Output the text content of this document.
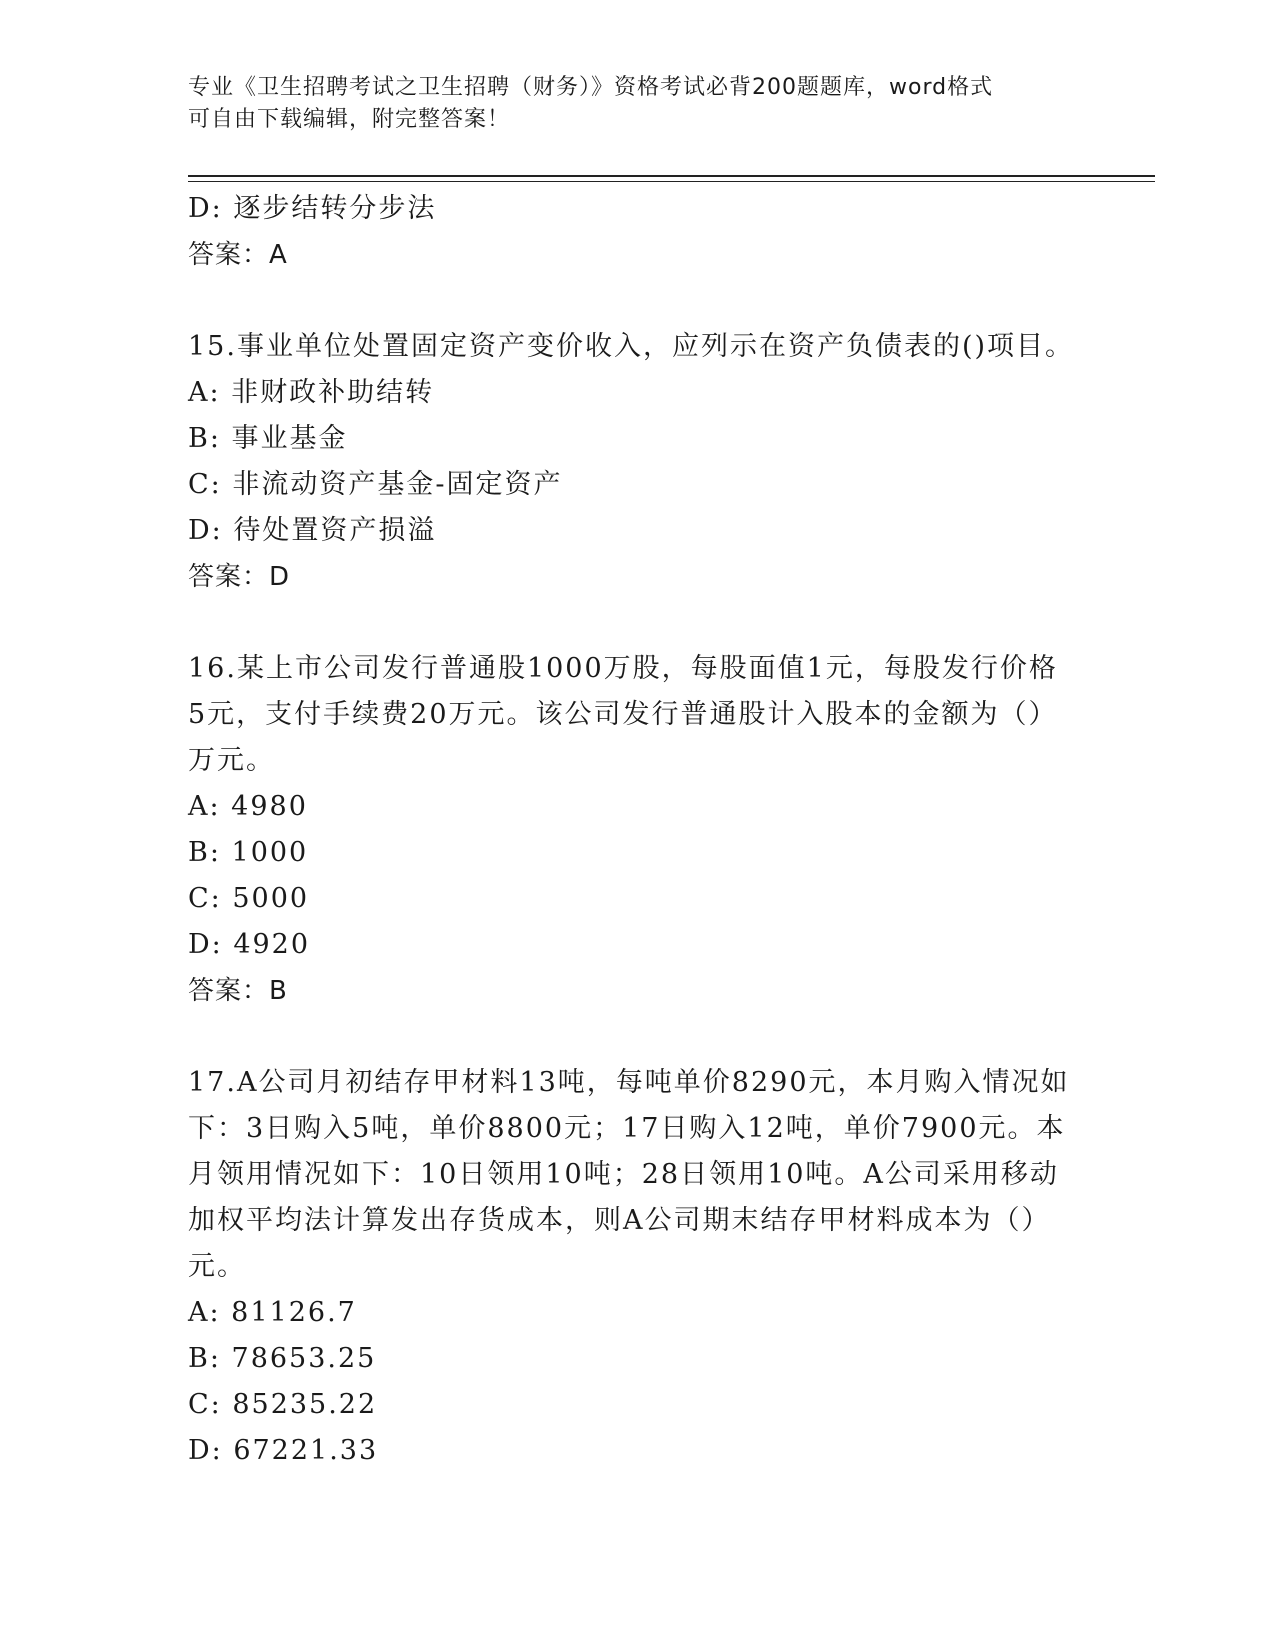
专业《卫生招聘考试之卫生招聘（财务）》资格考试必背200题题库，word格式
可自由下载编辑，附完整答案！
D: 逐步结转分步法
答案：A
15.事业单位处置固定资产变价收入，应列示在资产负债表的()项目。
A: 非财政补助结转
B: 事业基金
C: 非流动资产基金-固定资产
D: 待处置资产损溢
答案：D
16.某上市公司发行普通股1000万股，每股面值1元，每股发行价格
5元，支付手续费20万元。该公司发行普通股计入股本的金额为（）
万元。
A: 4980
B: 1000
C: 5000
D: 4920
答案：B
17.A公司月初结存甲材料13吨，每吨单价8290元，本月购入情况如
下：3日购入5吨，单价8800元；17日购入12吨，单价7900元。本
月领用情况如下：10日领用10吨；28日领用10吨。A公司采用移动
加权平均法计算发出存货成本，则A公司期末结存甲材料成本为（）
元。
A: 81126.7
B: 78653.25
C: 85235.22
D: 67221.33
